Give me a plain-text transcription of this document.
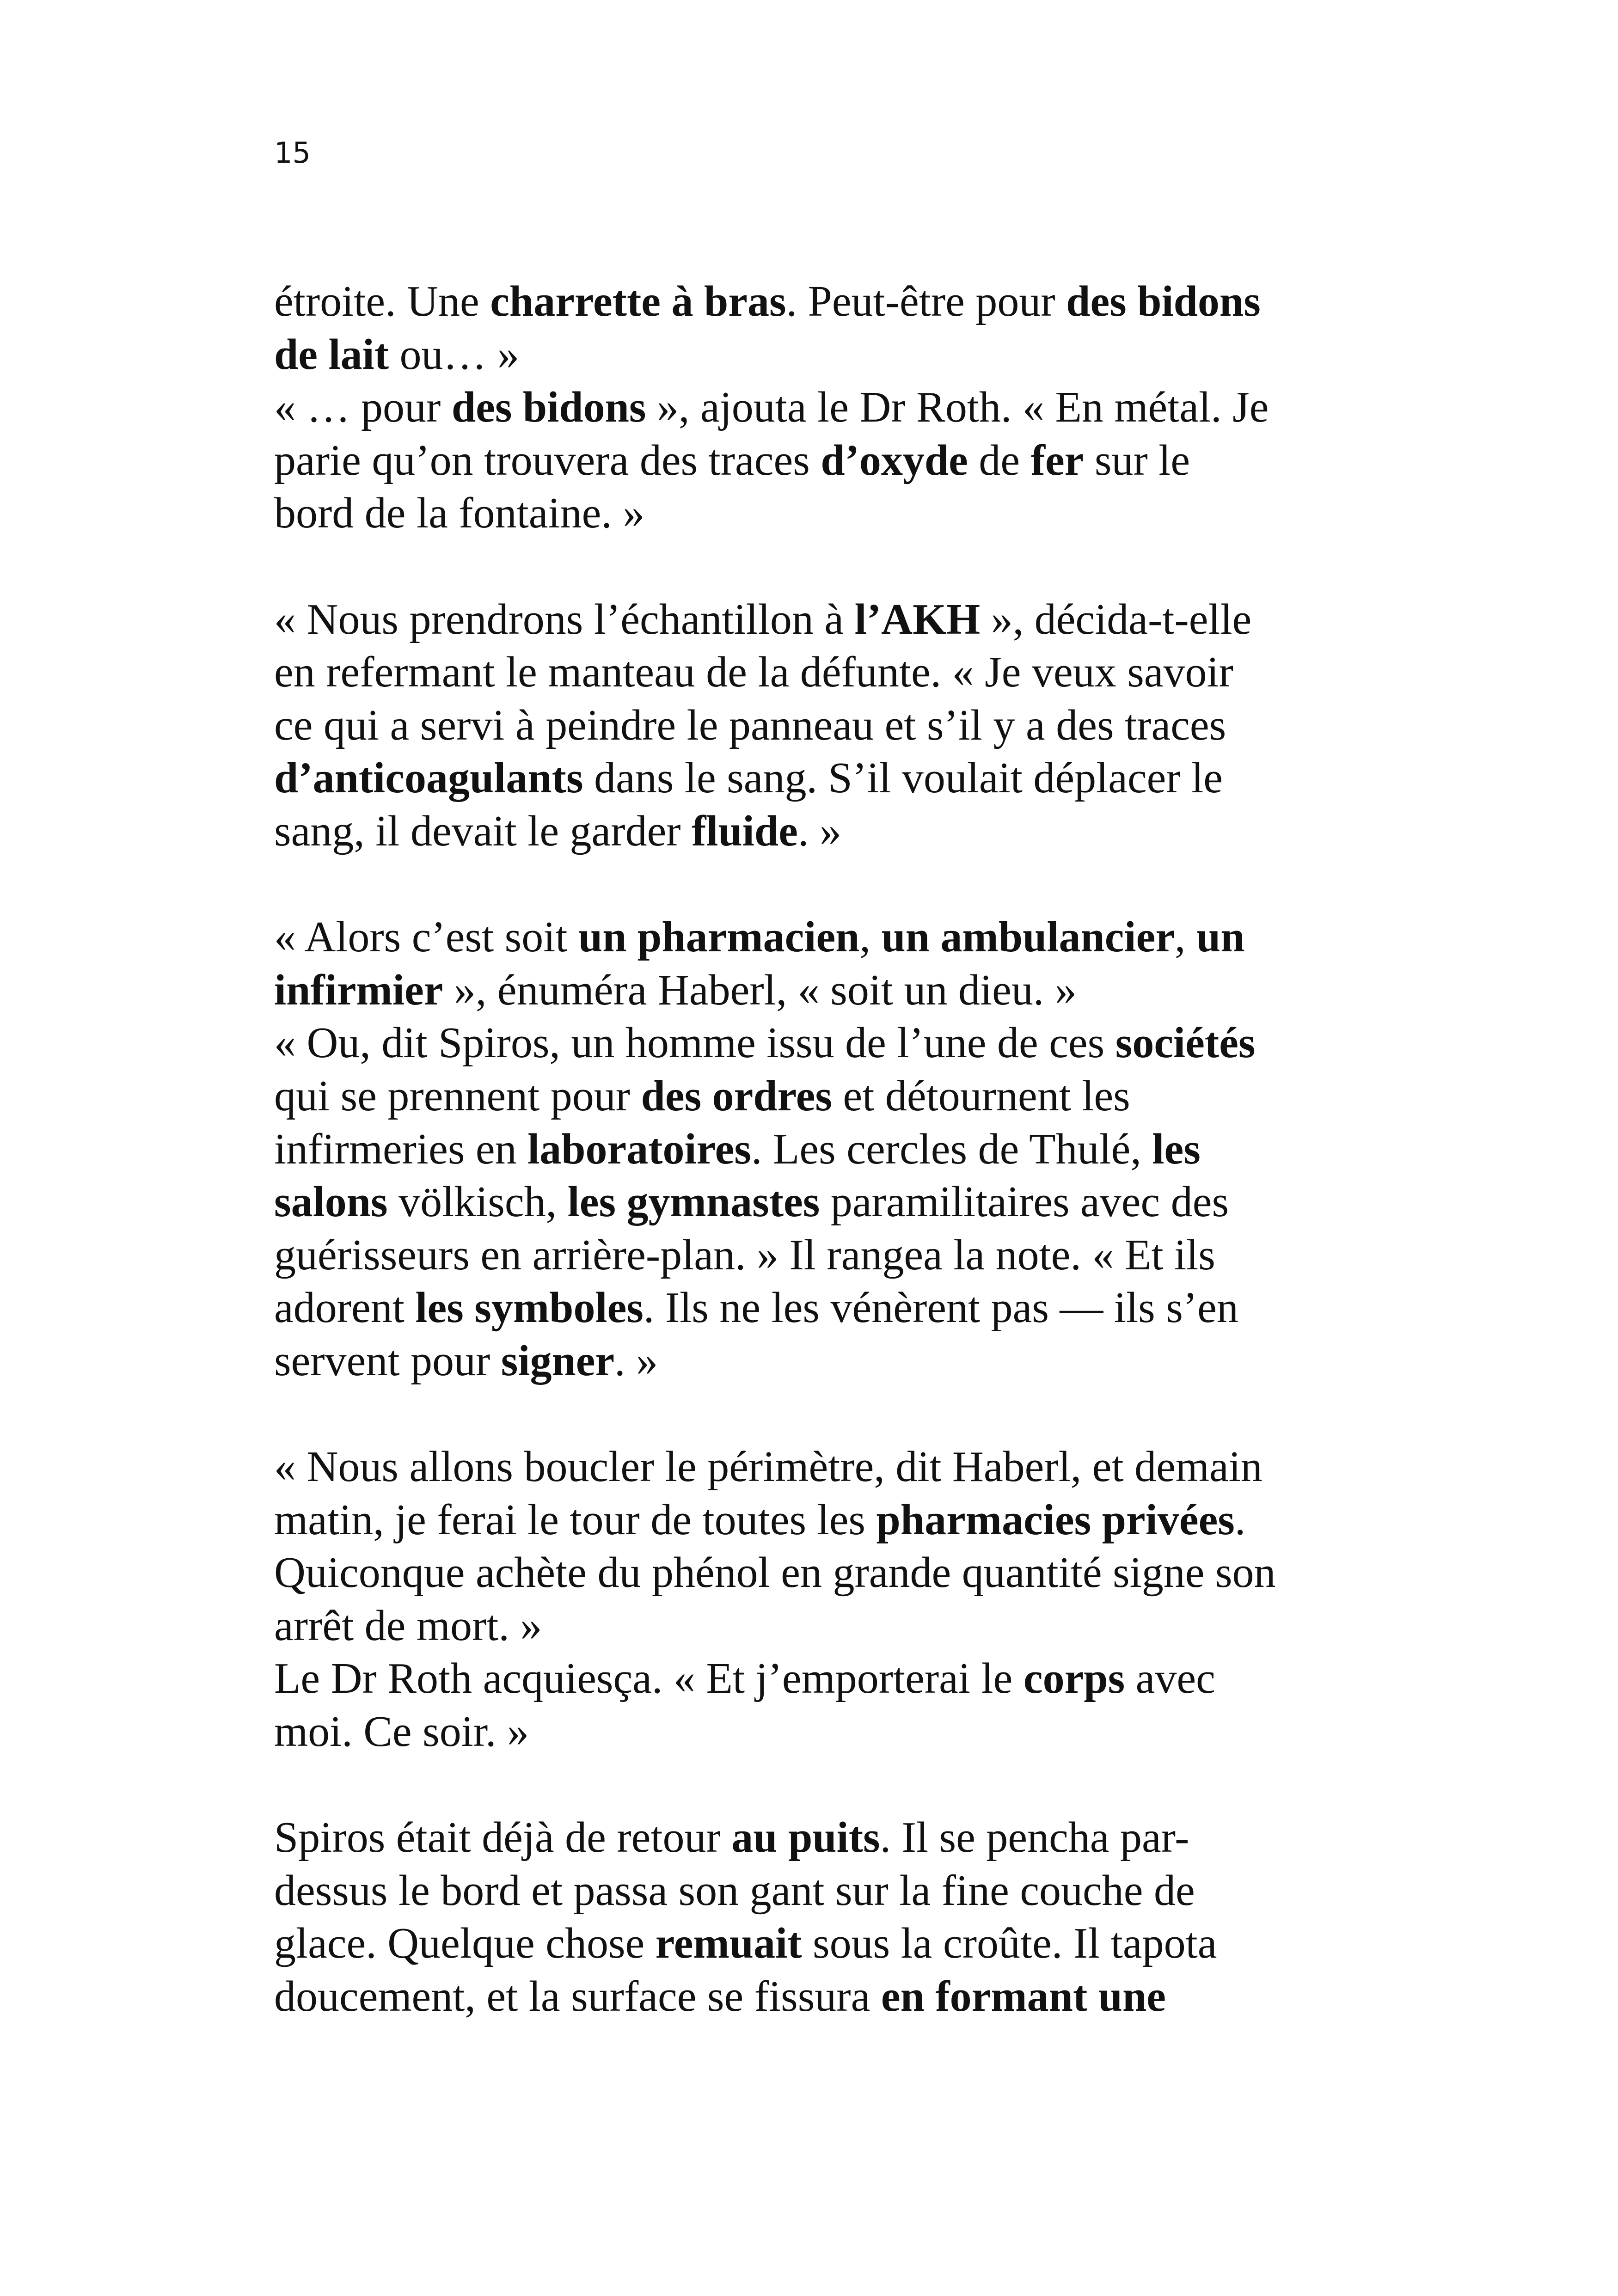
15
étroite. Une charrette à bras. Peut-être pour des bidons
de lait ou… »
« … pour des bidons », ajouta le Dr Roth. « En métal. Je
parie qu’on trouvera des traces d’oxyde de fer sur le
bord de la fontaine. »
« Nous prendrons l’échantillon à l’AKH », décida-t-elle
en refermant le manteau de la défunte. « Je veux savoir
ce qui a servi à peindre le panneau et s’il y a des traces
d’anticoagulants dans le sang. S’il voulait déplacer le
sang, il devait le garder fluide. »
« Alors c’est soit un pharmacien, un ambulancier, un
infirmier », énuméra Haberl, « soit un dieu. »
« Ou, dit Spiros, un homme issu de l’une de ces sociétés
qui se prennent pour des ordres et détournent les
infirmeries en laboratoires. Les cercles de Thulé, les
salons völkisch, les gymnastes paramilitaires avec des
guérisseurs en arrière-plan. » Il rangea la note. « Et ils
adorent les symboles. Ils ne les vénèrent pas — ils s’en
servent pour signer. »
« Nous allons boucler le périmètre, dit Haberl, et demain
matin, je ferai le tour de toutes les pharmacies privées.
Quiconque achète du phénol en grande quantité signe son
arrêt de mort. »
Le Dr Roth acquiesça. « Et j’emporterai le corps avec
moi. Ce soir. »
Spiros était déjà de retour au puits. Il se pencha par-
dessus le bord et passa son gant sur la fine couche de
glace. Quelque chose remuait sous la croûte. Il tapota
doucement, et la surface se fissura en formant une
